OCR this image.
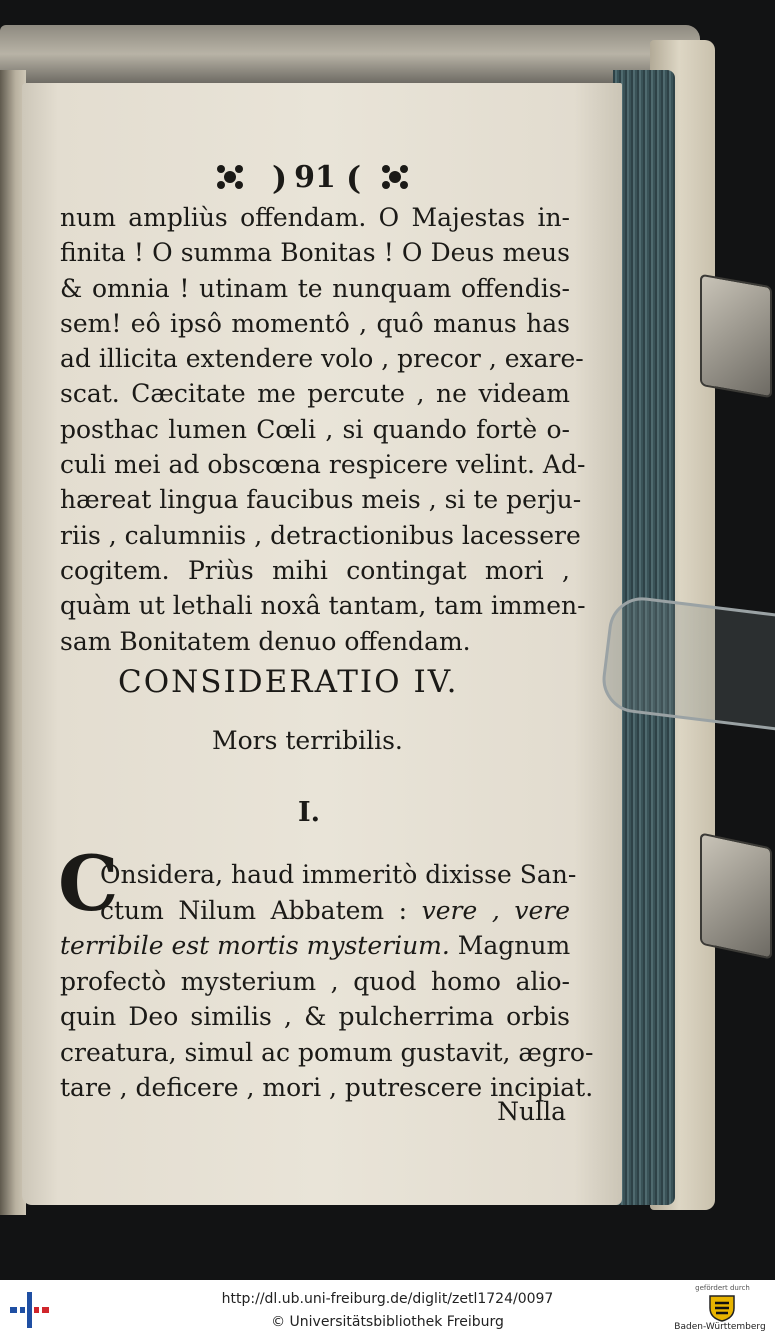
) (
91
num ampliùs offendam. O Majestas in-
finita ! O summa Bonitas ! O Deus meus
& omnia ! utinam te nunquam offendis-
sem! eô ipsô momentô , quô manus has
ad illicita extendere volo , precor , exare-
scat. Cæcitate me percute , ne videam
posthac lumen Cœli , si quando fortè o-
culi mei ad obscœna respicere velint. Ad-
hæreat lingua faucibus meis , si te perju-
riis , calumniis , detractionibus lacessere
cogitem. Priùs mihi contingat mori ,
quàm ut lethali noxâ tantam, tam immen-
sam Bonitatem denuo offendam.
CONSIDERATIO IV.
Mors terribilis.
I.
C
Onsidera, haud immeritò dixisse San-
ctum Nilum Abbatem : vere , vere
terribile est mortis mysterium. Magnum
profectò mysterium , quod homo alio-
quin Deo similis , & pulcherrima orbis
creatura, simul ac pomum gustavit, ægro-
tare , deficere , mori , putrescere incipiat.
Nulla
http://dl.ub.uni-freiburg.de/diglit/zetl1724/0097
© Universitätsbibliothek Freiburg
gefördert durch
Baden-Württemberg
